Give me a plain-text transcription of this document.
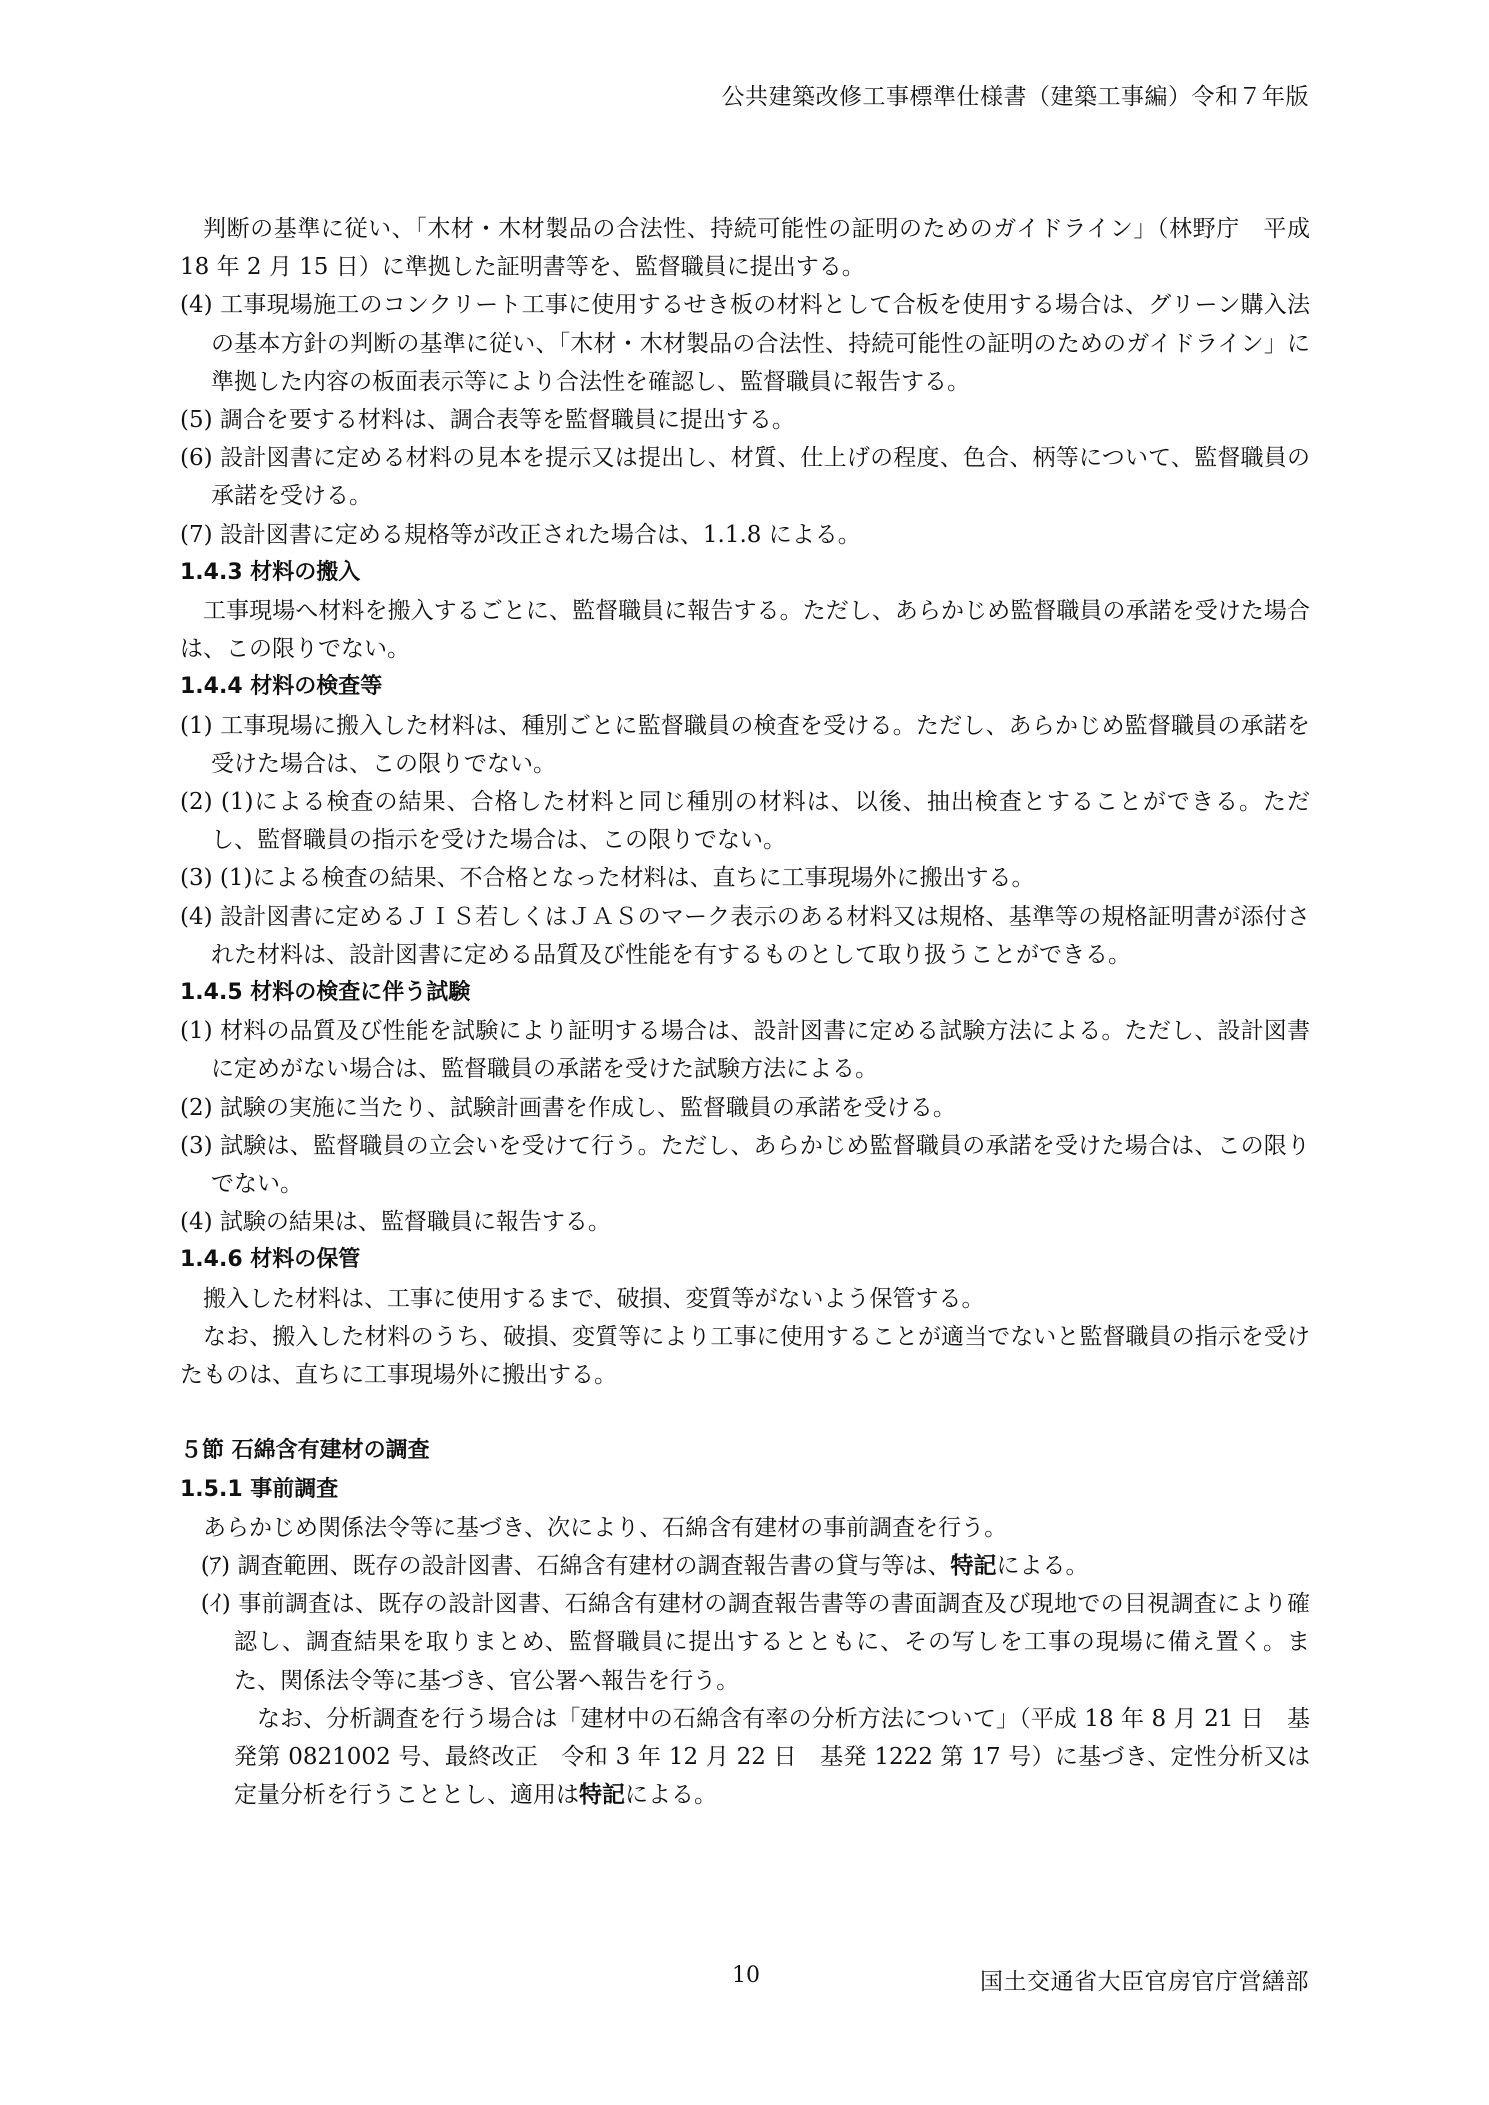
公共建築改修工事標準仕様書（建築工事編）令和７年版

判断の基準に従い、「木材・木材製品の合法性、持続可能性の証明のためのガイドライン」（林野庁　平成 18 年 2 月 15 日）に準拠した証明書等を、監督職員に提出する。

(4) 工事現場施工のコンクリート工事に使用するせき板の材料として合板を使用する場合は、グリーン購入法の基本方針の判断の基準に従い、「木材・木材製品の合法性、持続可能性の証明のためのガイドライン」に準拠した内容の板面表示等により合法性を確認し、監督職員に報告する。

(5) 調合を要する材料は、調合表等を監督職員に提出する。

(6) 設計図書に定める材料の見本を提示又は提出し、材質、仕上げの程度、色合、柄等について、監督職員の承諾を受ける。

(7) 設計図書に定める規格等が改正された場合は、1.1.8 による。

1.4.3 材料の搬入

工事現場へ材料を搬入するごとに、監督職員に報告する。ただし、あらかじめ監督職員の承諾を受けた場合は、この限りでない。

1.4.4 材料の検査等

(1) 工事現場に搬入した材料は、種別ごとに監督職員の検査を受ける。ただし、あらかじめ監督職員の承諾を受けた場合は、この限りでない。

(2) (1)による検査の結果、合格した材料と同じ種別の材料は、以後、抽出検査とすることができる。ただし、監督職員の指示を受けた場合は、この限りでない。

(3) (1)による検査の結果、不合格となった材料は、直ちに工事現場外に搬出する。

(4) 設計図書に定めるＪＩＳ若しくはＪＡＳのマーク表示のある材料又は規格、基準等の規格証明書が添付された材料は、設計図書に定める品質及び性能を有するものとして取り扱うことができる。

1.4.5 材料の検査に伴う試験

(1) 材料の品質及び性能を試験により証明する場合は、設計図書に定める試験方法による。ただし、設計図書に定めがない場合は、監督職員の承諾を受けた試験方法による。

(2) 試験の実施に当たり、試験計画書を作成し、監督職員の承諾を受ける。

(3) 試験は、監督職員の立会いを受けて行う。ただし、あらかじめ監督職員の承諾を受けた場合は、この限りでない。

(4) 試験の結果は、監督職員に報告する。

1.4.6 材料の保管

搬入した材料は、工事に使用するまで、破損、変質等がないよう保管する。

なお、搬入した材料のうち、破損、変質等により工事に使用することが適当でないと監督職員の指示を受けたものは、直ちに工事現場外に搬出する。

５節 石綿含有建材の調査

1.5.1 事前調査

あらかじめ関係法令等に基づき、次により、石綿含有建材の事前調査を行う。

(ｱ) 調査範囲、既存の設計図書、石綿含有建材の調査報告書の貸与等は、特記による。

(ｲ) 事前調査は、既存の設計図書、石綿含有建材の調査報告書等の書面調査及び現地での目視調査により確認し、調査結果を取りまとめ、監督職員に提出するとともに、その写しを工事の現場に備え置く。また、関係法令等に基づき、官公署へ報告を行う。

なお、分析調査を行う場合は「建材中の石綿含有率の分析方法について」（平成 18 年 8 月 21 日　基発第 0821002 号、最終改正　令和 3 年 12 月 22 日　基発 1222 第 17 号）に基づき、定性分析又は定量分析を行うこととし、適用は特記による。

10	国土交通省大臣官房官庁営繕部
